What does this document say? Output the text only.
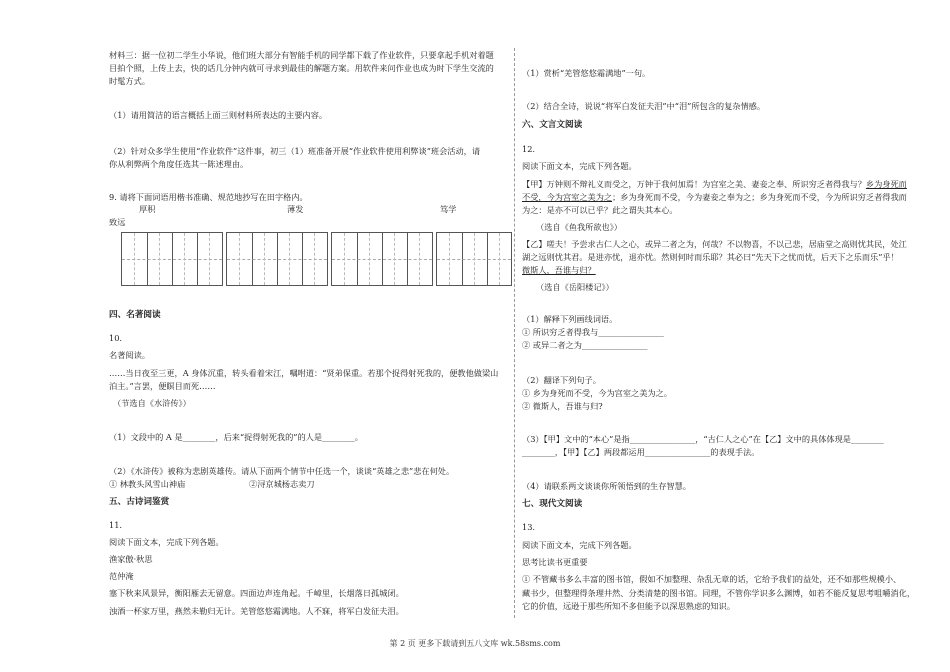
材料三：据一位初二学生小华说，他们班大部分有智能手机的同学都下载了作业软件，只要拿起手机对着题
目拍个照，上传上去，快的话几分钟内就可寻求到最佳的解题方案。用软件来问作业也成为时下学生交流的
时髦方式。
（1）请用简洁的语言概括上面三则材料所表达的主要内容。
（2）针对众多学生使用“作业软件”这件事，初三（1）班准备开展“作业软件使用利弊谈”班会活动，请
你从利弊两个角度任选其一陈述理由。
9. 请将下面词语用楷书准确、规范地抄写在田字格内。
厚积	薄发	笃学
致远
四、名著阅读
10.
名著阅读。
……当日夜至三更，A 身体沉重，转头看着宋江，嘱咐道：“贤弟保重。若那个捉得射死我的，便教他做梁山
泊主。”言罢，便瞑目而死……
（节选自《水浒传》）
（1）文段中的 A 是________，后来“捉得射死我的”的人是________。
（2）《水浒传》被称为悲剧英雄传。请从下面两个情节中任选一个，谈谈“英雄之悲”悲在何处。
① 林教头风雪山神庙	②浔京城杨志卖刀
五、古诗词鉴赏
11.
阅读下面文本，完成下列各题。
渔家傲·秋思
范仲淹
塞下秋来风景异，衡阳雁去无留意。四面边声连角起。千嶂里，长烟落日孤城闭。
浊酒一杯家万里，燕然未勒归无计。羌管悠悠霜满地。人不寐，将军白发征夫泪。
（1）赏析“羌管悠悠霜满地”一句。
（2）结合全诗，说说“将军白发征夫泪”中“泪”所包含的复杂情感。
六、文言文阅读
12.
阅读下面文本，完成下列各题。
【甲】万钟则不辩礼义而受之，万钟于我何加焉！为宫室之美、妻妾之奉、所识穷乏者得我与？乡为身死而
不受，今为宫室之美为之；乡为身死而不受，今为妻妾之奉为之；乡为身死而不受，今为所识穷乏者得我而
为之：是亦不可以已乎？此之谓失其本心。
（选自《鱼我所欲也》）
【乙】嗟夫！予尝求古仁人之心，或异二者之为，何哉？不以物喜，不以己悲，居庙堂之高则忧其民，处江
湖之远则忧其君。是进亦忧，退亦忧。然则何时而乐耶？其必曰“先天下之忧而忧，后天下之乐而乐”乎！
微斯人，吾谁与归？
（选自《岳阳楼记》）
（1）解释下列画线词语。
① 所识穷乏者得我与________________
② 或异二者之为________________
（2）翻译下列句子。
① 乡为身死而不受，今为宫室之美为之。
② 微斯人，吾谁与归?
（3）【甲】文中的“本心”是指________________，“古仁人之心”在【乙】文中的具体体现是________
________，【甲】【乙】两段都运用________________的表现手法。
（4）请联系两文谈谈你所领悟到的生存智慧。
七、现代文阅读
13.
阅读下面文本，完成下列各题。
思考比读书更重要
① 不管藏书多么丰富的图书馆，假如不加整理、杂乱无章的话，它给予我们的益处，还不如那些规模小、
藏书少，但整理得条理井然、分类清楚的图书馆。同理，不管你学识多么渊博，如若不能反复思考咀嚼消化，
它的价值，远逊于那些所知不多但能予以深思熟虑的知识。
第 2 页 更多下载请到五八文库 wk.58sms.com
